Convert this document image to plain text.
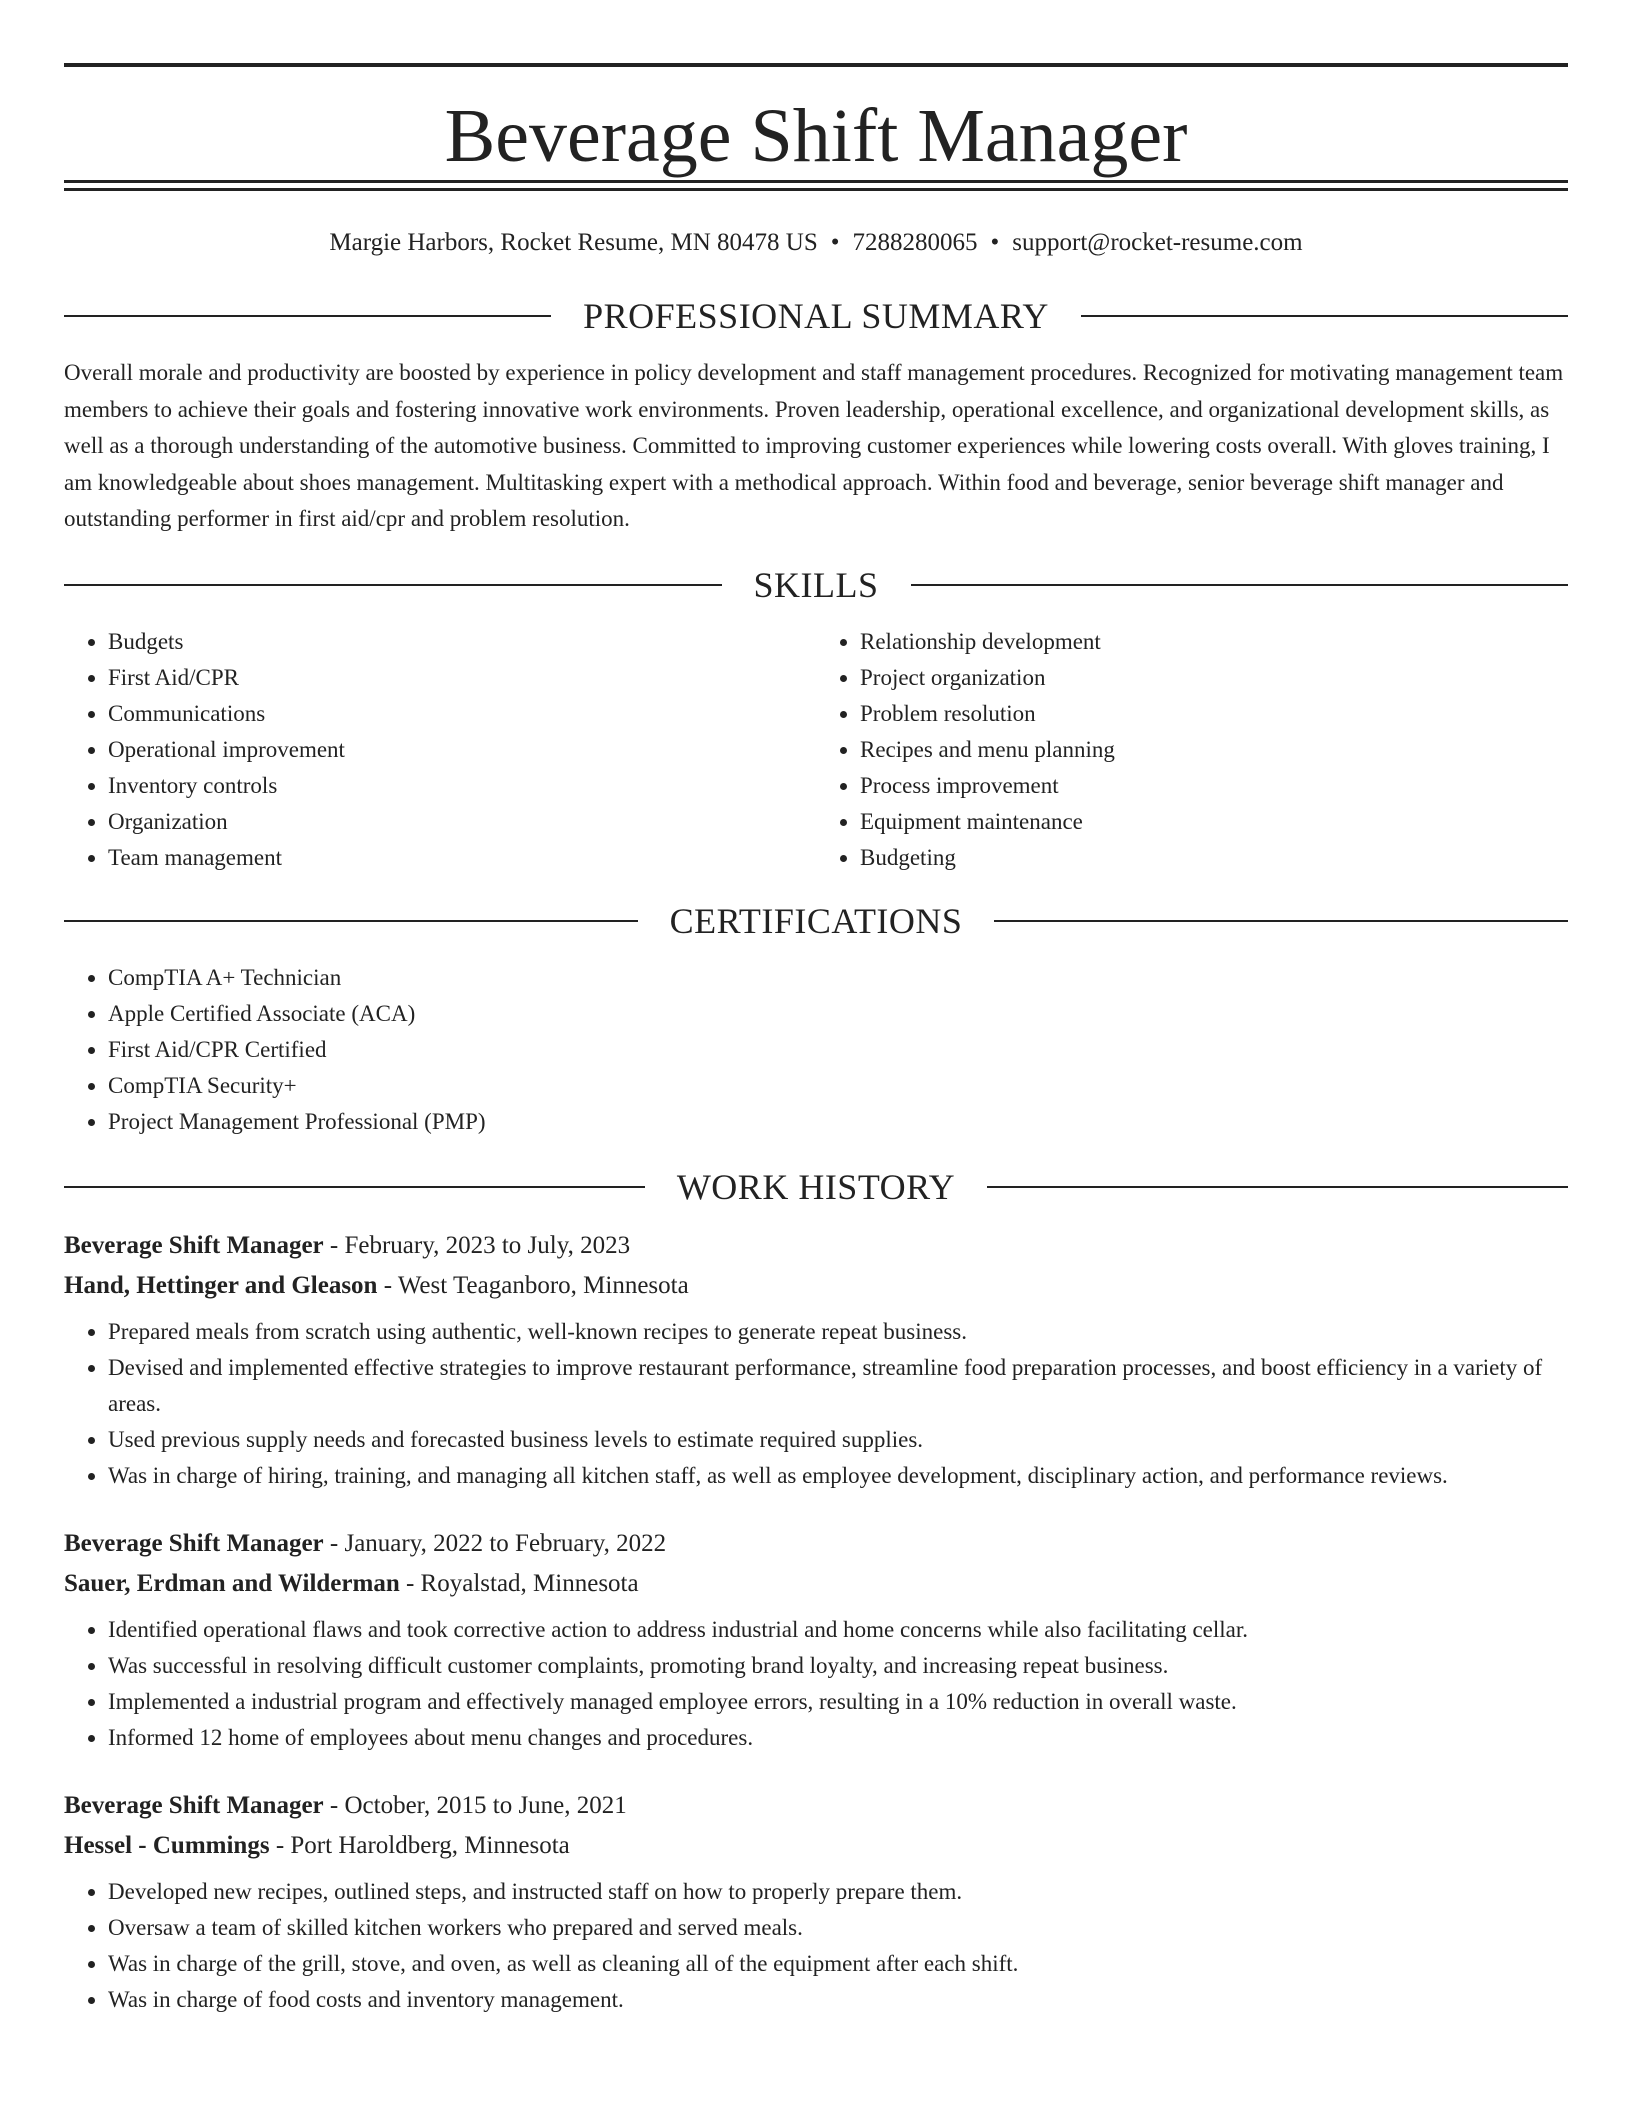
Beverage Shift Manager
Margie Harbors, Rocket Resume, MN 80478 US • 7288280065 • support@rocket-resume.com
PROFESSIONAL SUMMARY

Overall morale and productivity are boosted by experience in policy development and staff management procedures. Recognized for motivating management team members to achieve their goals and fostering innovative work environments. Proven leadership, operational excellence, and organizational development skills, as well as a thorough understanding of the automotive business. Committed to improving customer experiences while lowering costs overall. With gloves training, I am knowledgeable about shoes management. Multitasking expert with a methodical approach. Within food and beverage, senior beverage shift manager and outstanding performer in first aid/cpr and problem resolution.

SKILLS
• Budgets
• First Aid/CPR
• Communications
• Operational improvement
• Inventory controls
• Organization
• Team management
• Relationship development
• Project organization
• Problem resolution
• Recipes and menu planning
• Process improvement
• Equipment maintenance
• Budgeting
CERTIFICATIONS
• CompTIA A+ Technician
• Apple Certified Associate (ACA)
• First Aid/CPR Certified
• CompTIA Security+
• Project Management Professional (PMP)
WORK HISTORY
Beverage Shift Manager - February, 2023 to July, 2023
Hand, Hettinger and Gleason - West Teaganboro, Minnesota
• Prepared meals from scratch using authentic, well-known recipes to generate repeat business.
• Devised and implemented effective strategies to improve restaurant performance, streamline food preparation processes, and boost efficiency in a variety of areas.
• Used previous supply needs and forecasted business levels to estimate required supplies.
• Was in charge of hiring, training, and managing all kitchen staff, as well as employee development, disciplinary action, and performance reviews.
Beverage Shift Manager - January, 2022 to February, 2022
Sauer, Erdman and Wilderman - Royalstad, Minnesota
• Identified operational flaws and took corrective action to address industrial and home concerns while also facilitating cellar.
• Was successful in resolving difficult customer complaints, promoting brand loyalty, and increasing repeat business.
• Implemented a industrial program and effectively managed employee errors, resulting in a 10% reduction in overall waste.
• Informed 12 home of employees about menu changes and procedures.
Beverage Shift Manager - October, 2015 to June, 2021
Hessel - Cummings - Port Haroldberg, Minnesota
• Developed new recipes, outlined steps, and instructed staff on how to properly prepare them.
• Oversaw a team of skilled kitchen workers who prepared and served meals.
• Was in charge of the grill, stove, and oven, as well as cleaning all of the equipment after each shift.
• Was in charge of food costs and inventory management.
